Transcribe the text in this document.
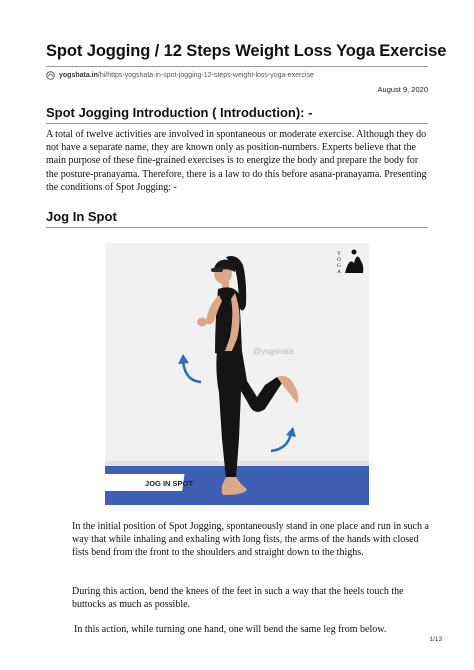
Spot Jogging / 12 Steps Weight Loss Yoga Exercise
yogshata.in /hi/https-yogshata-in-spot-jogging-12-steps-weight-loss-yoga-exercise
August 9, 2020
Spot Jogging Introduction ( Introduction): -
A total of twelve activities are involved in spontaneous or moderate exercise. Although they do not have a separate name, they are known only as position-numbers. Experts believe that the main purpose of these fine-grained exercises is to energize the body and prepare the body for the posture-pranayama. Therefore, there is a law to do this before asana-pranayama. Presenting the conditions of Spot Jogging: -
Jog In Spot
JOG IN SPOT
Y
O
G
A
@yogshata
In the initial position of Spot Jogging, spontaneously stand in one place and run in such a way that while inhaling and exhaling with long fists, the arms of the hands with closed fists bend from the front to the shoulders and straight down to the thighs.
During this action, bend the knees of the feet in such a way that the heels touch the buttocks as much as possible.
In this action, while turning one hand, one will bend the same leg from below.
1/13
